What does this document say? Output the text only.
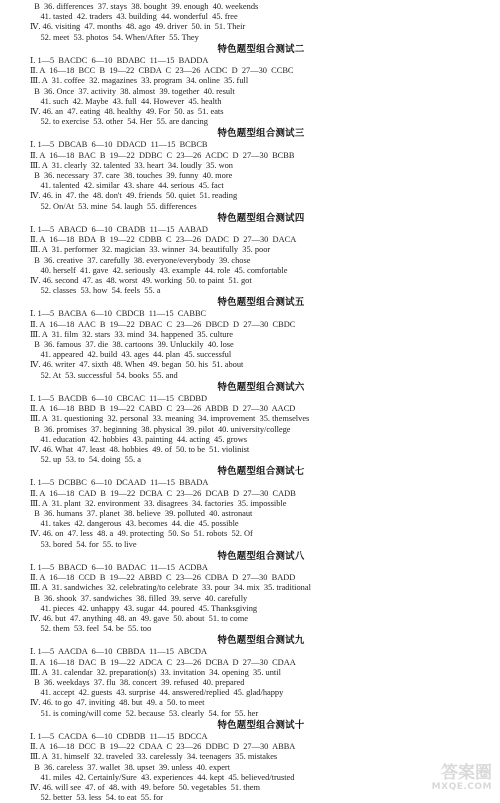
B  36. differences  37. stays  38. bought  39. enough  40. weekends
41. tasted  42. traders  43. building  44. wonderful  45. free
Ⅳ. 46. visiting  47. months  48. ago  49. driver  50. in  51. Their
52. meet  53. photos  54. When/After  55. They
特色题型组合测试二
Ⅰ. 1—5  BACDC  6—10  BDABC  11—15  BADDA
Ⅱ. A  16—18  BCC  B  19—22  CBDA  C  23—26  ACDC  D  27—30  CCBC
Ⅲ. A  31. coffee  32. magazines  33. program  34. online  35. full
B  36. Once  37. activity  38. almost  39. together  40. result
41. such  42. Maybe  43. full  44. However  45. health
Ⅳ. 46. an  47. eating  48. healthy  49. For  50. as  51. eats
52. to exercise  53. other  54. Her  55. are dancing
特色题型组合测试三
Ⅰ. 1—5  DBCAB  6—10  DDACD  11—15  BCBCB
Ⅱ. A  16—18  BAC  B  19—22  DDBC  C  23—26  ACDC  D  27—30  BCBB
Ⅲ. A  31. clearly  32. talented  33. heart  34. loudly  35. won
B  36. necessary  37. care  38. touches  39. funny  40. more
41. talented  42. similar  43. share  44. serious  45. fact
Ⅳ. 46. in  47. the  48. don't  49. friends  50. quiet  51. reading
52. On/At  53. mine  54. laugh  55. differences
特色题型组合测试四
Ⅰ. 1—5  ABACD  6—10  CBADB  11—15  AABAD
Ⅱ. A  16—18  BDA  B  19—22  CDBB  C  23—26  DADC  D  27—30  DACA
Ⅲ. A  31. performer  32. magician  33. winner  34. beautifully  35. poor
B  36. creative  37. carefully  38. everyone/everybody  39. chose
40. herself  41. gave  42. seriously  43. example  44. role  45. comfortable
Ⅳ. 46. second  47. as  48. worst  49. working  50. to paint  51. got
52. classes  53. how  54. feels  55. a
特色题型组合测试五
Ⅰ. 1—5  BACBA  6—10  CBDCB  11—15  CABBC
Ⅱ. A  16—18  AAC  B  19—22  DBAC  C  23—26  DBCD  D  27—30  CBDC
Ⅲ. A  31. film  32. stars  33. mind  34. happened  35. culture
B  36. famous  37. die  38. cartoons  39. Unluckily  40. lose
41. appeared  42. build  43. ages  44. plan  45. successful
Ⅳ. 46. writer  47. sixth  48. When  49. began  50. his  51. about
52. At  53. successful  54. books  55. and
特色题型组合测试六
Ⅰ. 1—5  BACDB  6—10  CBCAC  11—15  CBDBD
Ⅱ. A  16—18  BBD  B  19—22  CABD  C  23—26  ABDB  D  27—30  AACD
Ⅲ. A  31. questioning  32. personal  33. meaning  34. improvement  35. themselves
B  36. promises  37. beginning  38. physical  39. pilot  40. university/college
41. education  42. hobbies  43. painting  44. acting  45. grows
Ⅳ. 46. What  47. least  48. hobbies  49. of  50. to be  51. violinist
52. up  53. to  54. doing  55. a
特色题型组合测试七
Ⅰ. 1—5  DCBBC  6—10  DCAAD  11—15  BBADA
Ⅱ. A  16—18  CAD  B  19—22  DCBA  C  23—26  DCAB  D  27—30  CADB
Ⅲ. A  31. plant  32. environment  33. disagrees  34. factories  35. impossible
B  36. humans  37. planet  38. believe  39. polluted  40. astronaut
41. takes  42. dangerous  43. becomes  44. die  45. possible
Ⅳ. 46. on  47. less  48. a  49. protecting  50. So  51. robots  52. Of
53. bored  54. for  55. to live
特色题型组合测试八
Ⅰ. 1—5  BBACD  6—10  BADAC  11—15  ACDBA
Ⅱ. A  16—18  CCD  B  19—22  ABBD  C  23—26  CDBA  D  27—30  BADD
Ⅲ. A  31. sandwiches  32. celebrating/to celebrate  33. pour  34. mix  35. traditional
B  36. shook  37. sandwiches  38. filled  39. serve  40. carefully
41. pieces  42. unhappy  43. sugar  44. poured  45. Thanksgiving
Ⅳ. 46. but  47. anything  48. an  49. gave  50. about  51. to come
52. them  53. feel  54. be  55. too
特色题型组合测试九
Ⅰ. 1—5  AACDA  6—10  CBBDA  11—15  ABCDA
Ⅱ. A  16—18  DAC  B  19—22  ADCA  C  23—26  DCBA  D  27—30  CDAA
Ⅲ. A  31. calendar  32. preparation(s)  33. invitation  34. opening  35. until
B  36. weekdays  37. flu  38. concert  39. refused  40. prepared
41. accept  42. guests  43. surprise  44. answered/replied  45. glad/happy
Ⅳ. 46. to go  47. inviting  48. but  49. a  50. to meet
51. is coming/will come  52. because  53. clearly  54. for  55. her
特色题型组合测试十
Ⅰ. 1—5  CACDA  6—10  CDBDB  11—15  BDCCA
Ⅱ. A  16—18  DCC  B  19—22  CDAA  C  23—26  DDBC  D  27—30  ABBA
Ⅲ. A  31. himself  32. traveled  33. carelessly  34. teenagers  35. mistakes
B  36. careless  37. wallet  38. upset  39. unless  40. expert
41. miles  42. Certainly/Sure  43. experiences  44. kept  45. believed/trusted
Ⅳ. 46. will see  47. of  48. with  49. before  50. vegetables  51. them
52. better  53. less  54. to eat  55. for
答案圈
MXQE.COM
